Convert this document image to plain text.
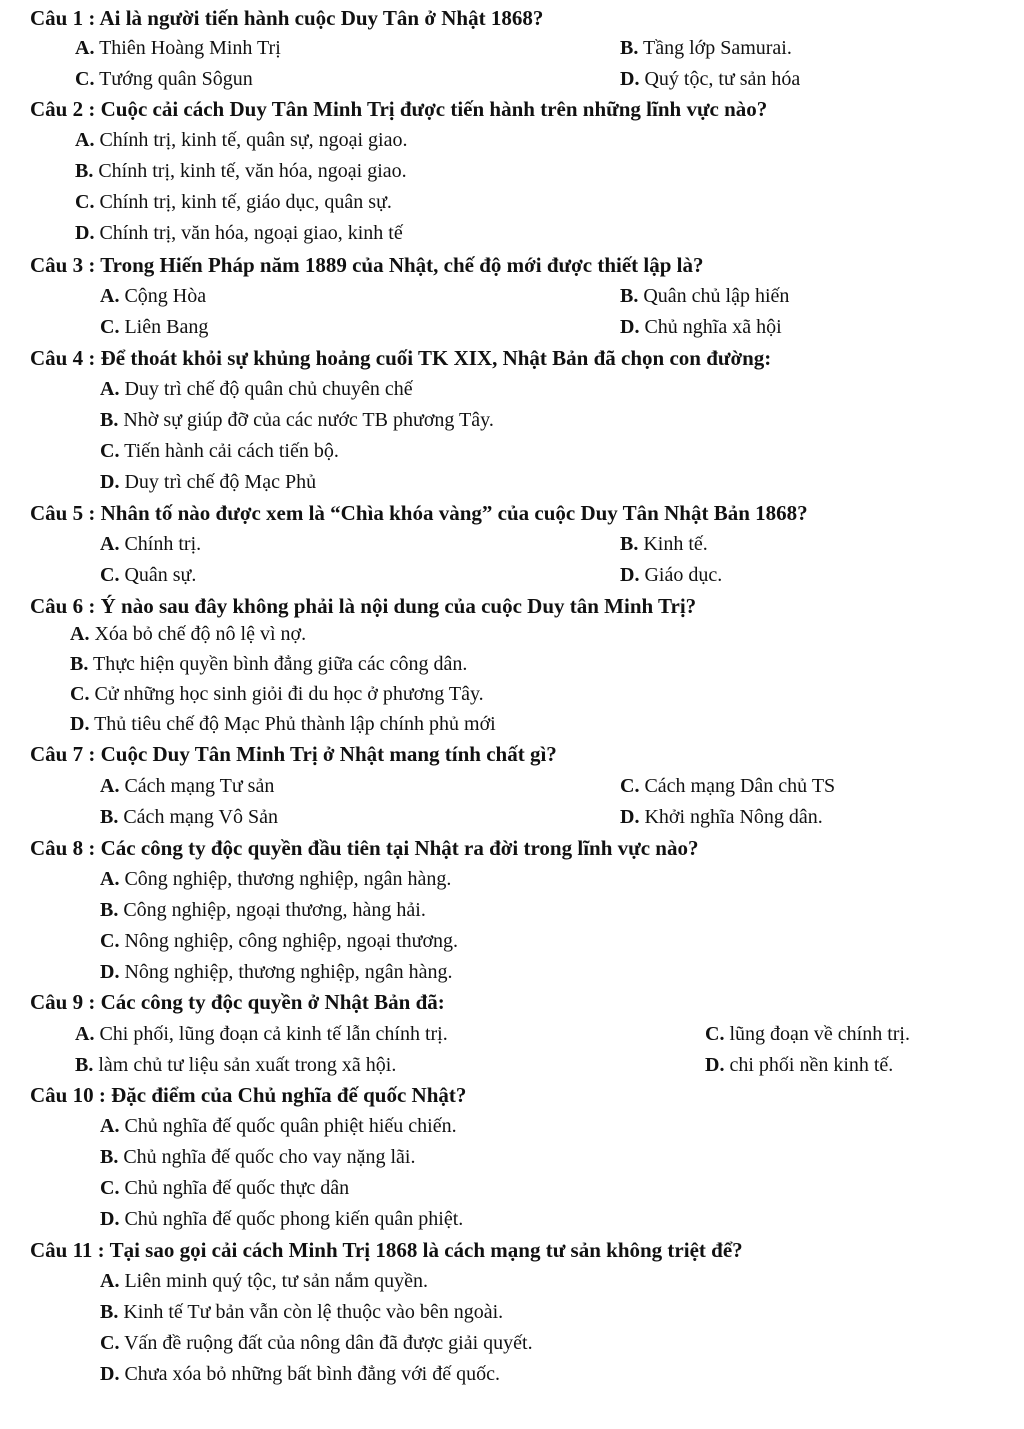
Câu 1 : Ai là người tiến hành cuộc Duy Tân ở Nhật 1868?
A. Thiên Hoàng Minh Trị	B. Tầng lớp Samurai.
C. Tướng quân Sôgun	D. Quý tộc, tư sản hóa
Câu 2 : Cuộc cải cách Duy Tân Minh Trị được tiến hành trên những lĩnh vực nào?
A. Chính trị, kinh tế, quân sự, ngoại giao.
B. Chính trị, kinh tế, văn hóa, ngoại giao.
C. Chính trị, kinh tế, giáo dục, quân sự.
D. Chính trị, văn hóa, ngoại giao, kinh tế
Câu 3 : Trong Hiến Pháp năm 1889 của Nhật, chế độ mới được thiết lập là?
A. Cộng Hòa	B. Quân chủ lập hiến
C. Liên Bang	D. Chủ nghĩa xã hội
Câu 4 : Để thoát khỏi sự khủng hoảng cuối TK XIX, Nhật Bản đã chọn con đường:
A. Duy trì chế độ quân chủ chuyên chế
B. Nhờ sự giúp đỡ của các nước TB phương Tây.
C. Tiến hành cải cách tiến bộ.
D. Duy trì chế độ Mạc Phủ
Câu 5 : Nhân tố nào được xem là “Chìa khóa vàng” của cuộc Duy Tân Nhật Bản 1868?
A. Chính trị.	B. Kinh tế.
C. Quân sự.	D. Giáo dục.
Câu 6 : Ý nào sau đây không phải là nội dung của cuộc Duy tân Minh Trị?
A. Xóa bỏ chế độ nô lệ vì nợ.
B. Thực hiện quyền bình đẳng giữa các công dân.
C. Cử những học sinh giỏi đi du học ở phương Tây.
D. Thủ tiêu chế độ Mạc Phủ thành lập chính phủ mới
Câu 7 : Cuộc Duy Tân Minh Trị ở Nhật mang tính chất gì?
A. Cách mạng Tư sản	C. Cách mạng Dân chủ TS
B. Cách mạng Vô Sản	D. Khởi nghĩa Nông dân.
Câu 8 : Các công ty độc quyền đầu tiên tại Nhật ra đời trong lĩnh vực nào?
A. Công nghiệp, thương nghiệp, ngân hàng.
B. Công nghiệp, ngoại thương, hàng hải.
C. Nông nghiệp, công nghiệp, ngoại thương.
D. Nông nghiệp, thương nghiệp, ngân hàng.
Câu 9 : Các công ty độc quyền ở Nhật Bản đã:
A. Chi phối, lũng đoạn cả kinh tế lẫn chính trị.	C. lũng đoạn về chính trị.
B. làm chủ tư liệu sản xuất trong xã hội.	D. chi phối nền kinh tế.
Câu 10 : Đặc điểm của Chủ nghĩa đế quốc Nhật?
A. Chủ nghĩa đế quốc quân phiệt hiếu chiến.
B. Chủ nghĩa đế quốc cho vay nặng lãi.
C. Chủ nghĩa đế quốc thực dân
D. Chủ nghĩa đế quốc phong kiến quân phiệt.
Câu 11 : Tại sao gọi cải cách Minh Trị 1868 là cách mạng tư sản không triệt để?
A. Liên minh quý tộc, tư sản nắm quyền.
B. Kinh tế Tư bản vẫn còn lệ thuộc vào bên ngoài.
C. Vấn đề ruộng đất của nông dân đã được giải quyết.
D. Chưa xóa bỏ những bất bình đẳng với đế quốc.
